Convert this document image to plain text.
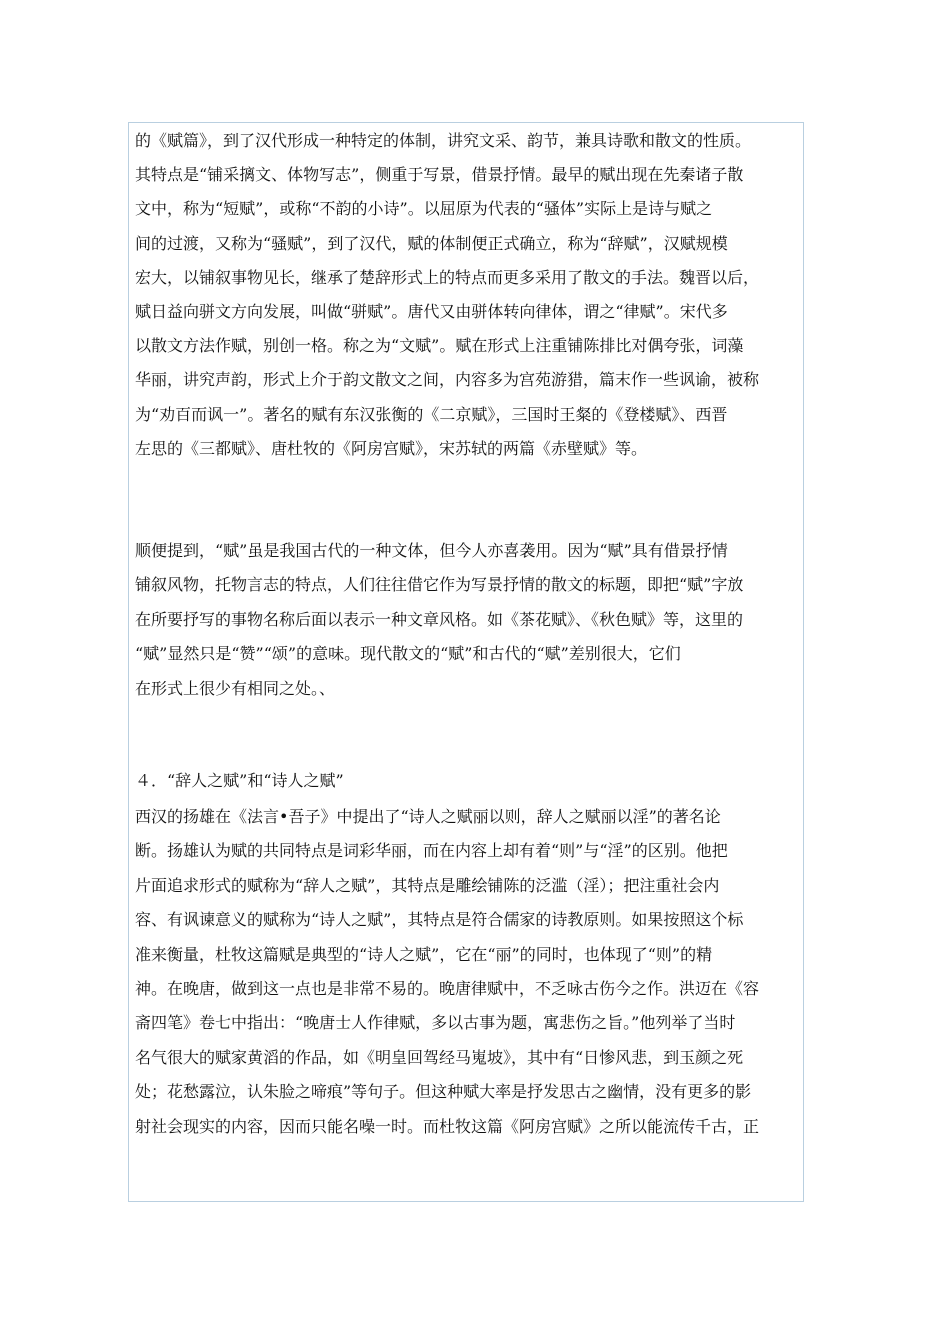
的《赋篇》，到了汉代形成一种特定的体制，讲究文采、韵节，兼具诗歌和散文的性质。

其特点是“铺采摛文、体物写志”，侧重于写景，借景抒情。最早的赋出现在先秦诸子散

文中，称为“短赋”，或称“不韵的小诗”。以屈原为代表的“骚体”实际上是诗与赋之

间的过渡，又称为“骚赋”，到了汉代，赋的体制便正式确立，称为“辞赋”，汉赋规模

宏大，以铺叙事物见长，继承了楚辞形式上的特点而更多采用了散文的手法。魏晋以后，

赋日益向骈文方向发展，叫做“骈赋”。唐代又由骈体转向律体，谓之“律赋”。宋代多

以散文方法作赋，别创一格。称之为“文赋”。赋在形式上注重铺陈排比对偶夸张，词藻

华丽，讲究声韵，形式上介于韵文散文之间，内容多为宫苑游猎，篇末作一些讽谕，被称

为“劝百而讽一”。著名的赋有东汉张衡的《二京赋》，三国时王粲的《登楼赋》、西晋

左思的《三都赋》、唐杜牧的《阿房宫赋》，宋苏轼的两篇《赤壁赋》等。

顺便提到，“赋”虽是我国古代的一种文体，但今人亦喜袭用。因为“赋”具有借景抒情

铺叙风物，托物言志的特点，人们往往借它作为写景抒情的散文的标题，即把“赋”字放

在所要抒写的事物名称后面以表示一种文章风格。如《茶花赋》、《秋色赋》等，这里的

“赋”显然只是“赞”“颂”的意味。现代散文的“赋”和古代的“赋”差别很大，它们

在形式上很少有相同之处。、

４．“辞人之赋”和“诗人之赋”

西汉的扬雄在《法言•吾子》中提出了“诗人之赋丽以则，辞人之赋丽以淫”的著名论

断。扬雄认为赋的共同特点是词彩华丽，而在内容上却有着“则”与“淫”的区别。他把

片面追求形式的赋称为“辞人之赋”，其特点是雕绘铺陈的泛滥（淫）；把注重社会内

容、有讽谏意义的赋称为“诗人之赋”，其特点是符合儒家的诗教原则。如果按照这个标

准来衡量，杜牧这篇赋是典型的“诗人之赋”，它在“丽”的同时，也体现了“则”的精

神。在晚唐，做到这一点也是非常不易的。晚唐律赋中，不乏咏古伤今之作。洪迈在《容

斋四笔》卷七中指出：“晚唐士人作律赋，多以古事为题，寓悲伤之旨。”他列举了当时

名气很大的赋家黄滔的作品，如《明皇回驾经马嵬坡》，其中有“日惨风悲，到玉颜之死

处；花愁露泣，认朱脸之啼痕”等句子。但这种赋大率是抒发思古之幽情，没有更多的影

射社会现实的内容，因而只能名噪一时。而杜牧这篇《阿房宫赋》之所以能流传千古，正
